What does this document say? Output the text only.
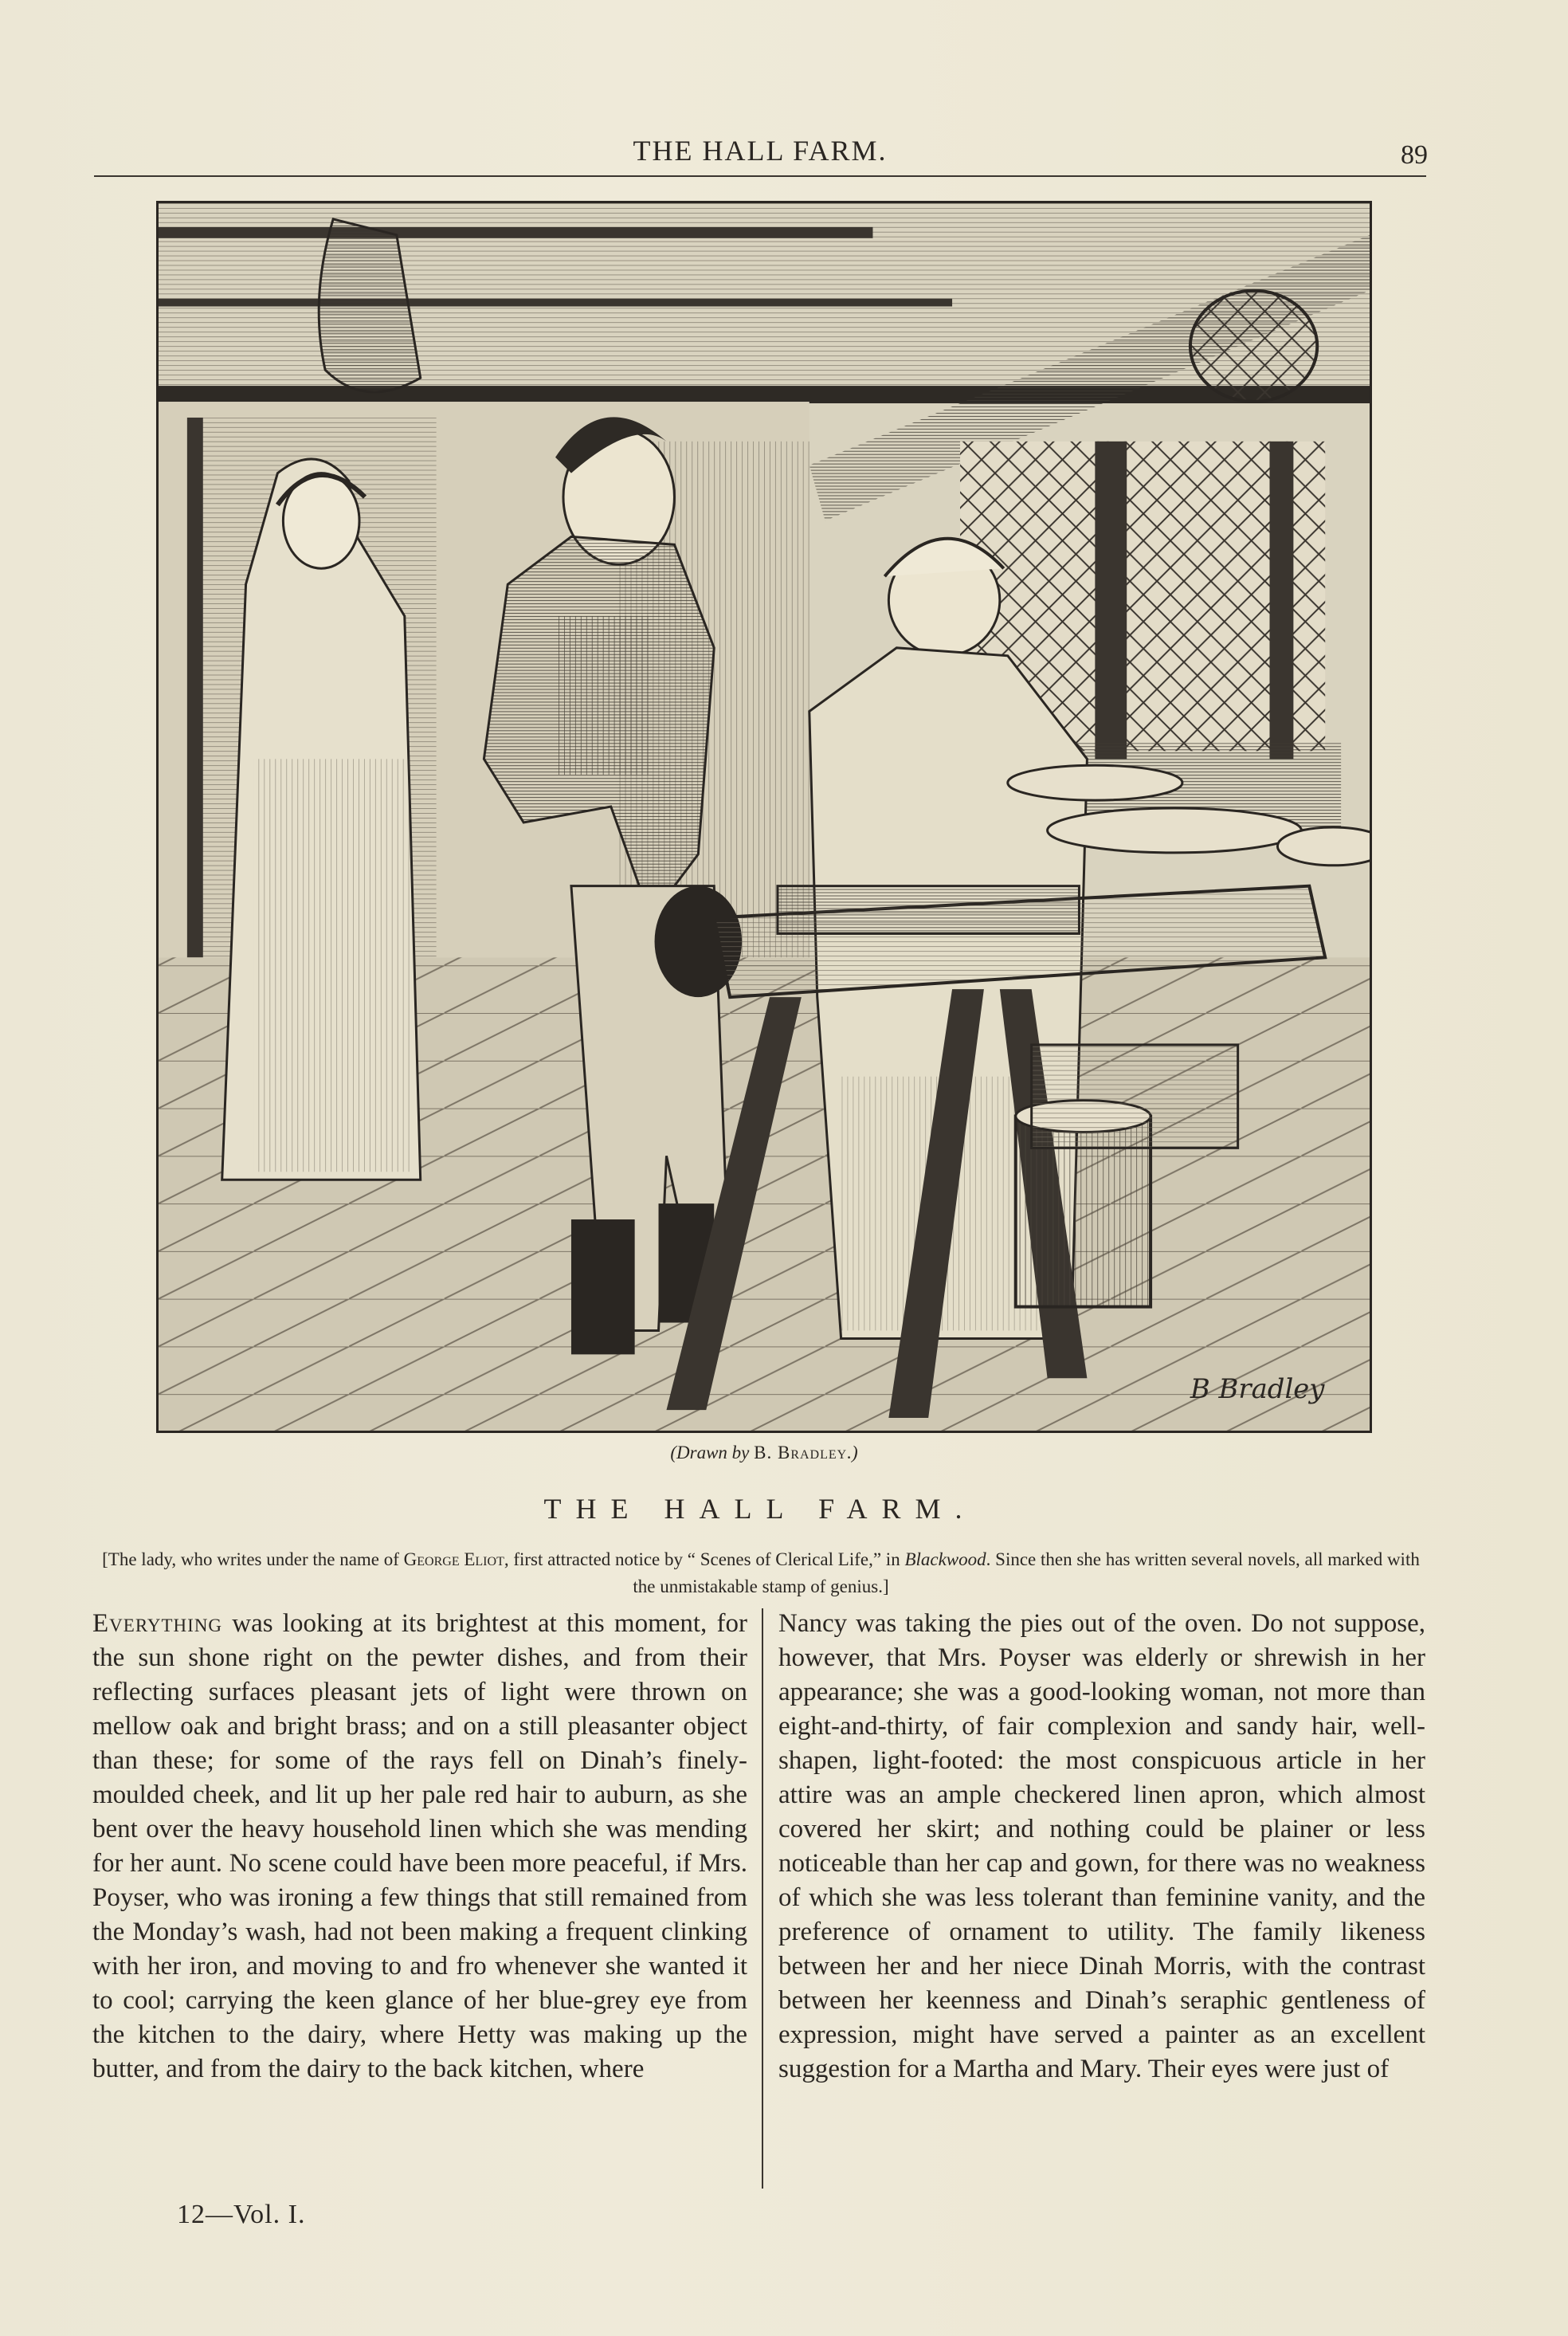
THE HALL FARM.	89
B Bradley
(Drawn by B. Bradley.)
THE HALL FARM.
[The lady, who writes under the name of George Eliot, first attracted notice by “ Scenes of Clerical Life,” in Blackwood. Since then she has written several novels, all marked with the unmistakable stamp of genius.]

Everything was looking at its brightest at this moment, for the sun shone right on the pewter dishes, and from their reflecting surfaces pleasant jets of light were thrown on mellow oak and bright brass; and on a still pleasanter object than these; for some of the rays fell on Dinah’s finely-moulded cheek, and lit up her pale red hair to auburn, as she bent over the heavy household linen which she was mending for her aunt. No scene could have been more peaceful, if Mrs. Poyser, who was ironing a few things that still remained from the Monday’s wash, had not been making a frequent clinking with her iron, and moving to and fro whenever she wanted it to cool; carrying the keen glance of her blue-grey eye from the kitchen to the dairy, where Hetty was making up the butter, and from the dairy to the back kitchen, where

Nancy was taking the pies out of the oven. Do not suppose, however, that Mrs. Poyser was elderly or shrewish in her appearance; she was a good-looking woman, not more than eight-and-thirty, of fair complexion and sandy hair, well-shapen, light-footed: the most conspicuous article in her attire was an ample checkered linen apron, which almost covered her skirt; and nothing could be plainer or less noticeable than her cap and gown, for there was no weakness of which she was less tolerant than feminine vanity, and the preference of ornament to utility. The family likeness between her and her niece Dinah Morris, with the contrast between her keenness and Dinah’s seraphic gentleness of expression, might have served a painter as an excellent suggestion for a Martha and Mary. Their eyes were just of

12—Vol. I.
